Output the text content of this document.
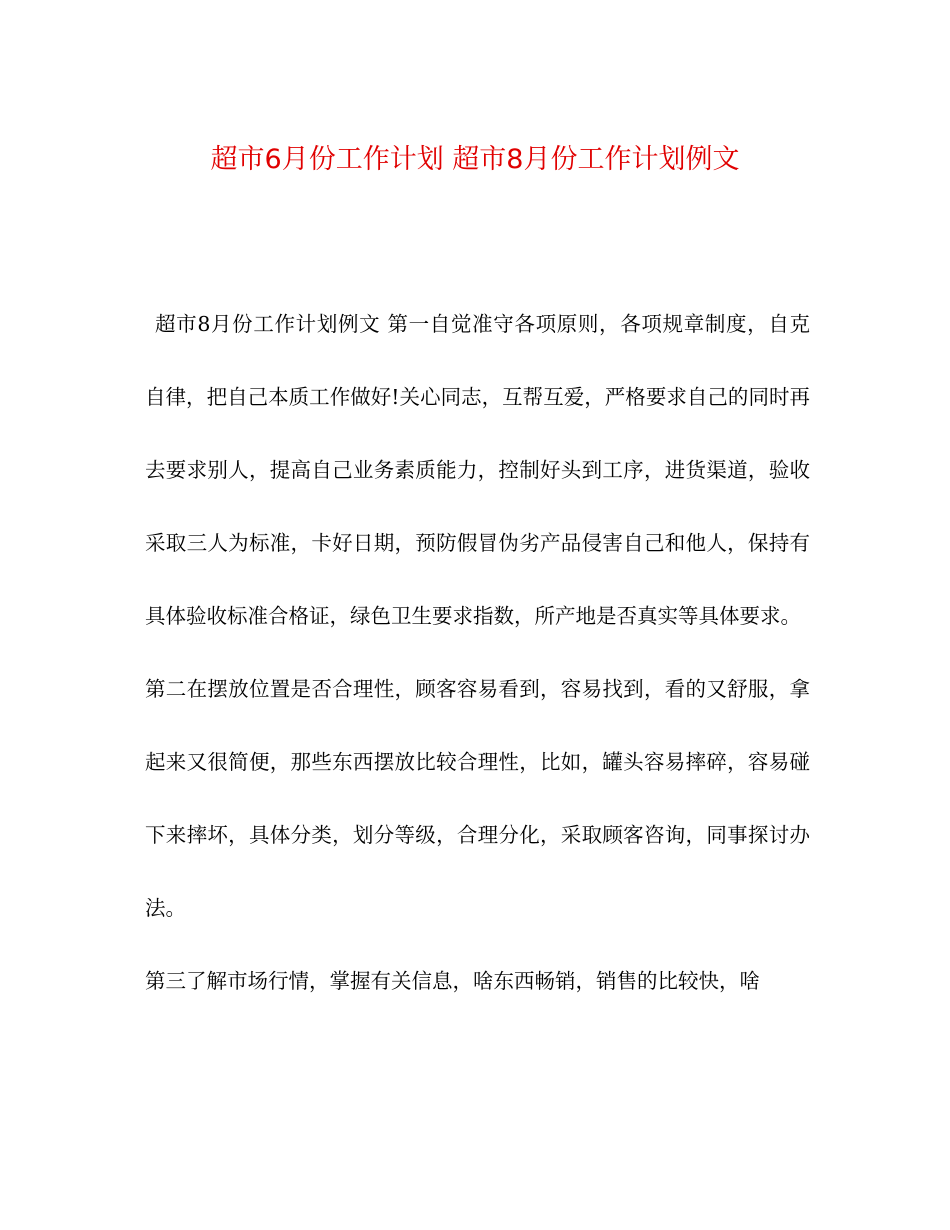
超市6月份工作计划 超市8月份工作计划例文

超市8月份工作计划例文 第一自觉准守各项原则，各项规章制度，自克自律，把自己本质工作做好!关心同志，互帮互爱，严格要求自己的同时再去要求别人，提高自己业务素质能力，控制好头到工序，进货渠道，验收采取三人为标准，卡好日期，预防假冒伪劣产品侵害自己和他人，保持有具体验收标准合格证，绿色卫生要求指数，所产地是否真实等具体要求。

第二在摆放位置是否合理性，顾客容易看到，容易找到，看的又舒服，拿起来又很简便，那些东西摆放比较合理性，比如，罐头容易摔碎，容易碰下来摔坏，具体分类，划分等级，合理分化，采取顾客咨询，同事探讨办法。

第三了解市场行情，掌握有关信息，啥东西畅销，销售的比较快，啥
